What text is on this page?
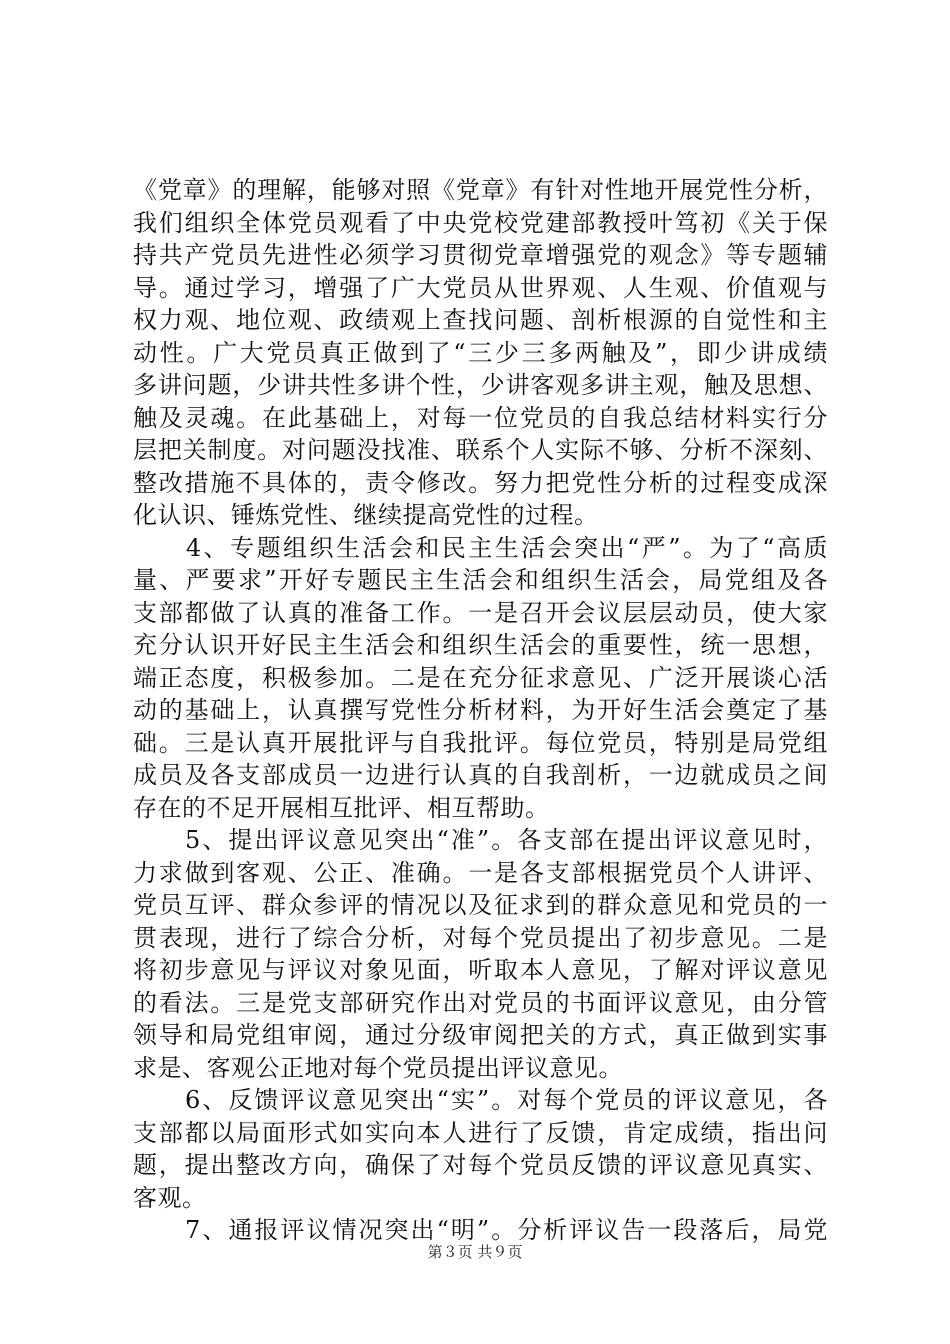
《党章》的理解，能够对照《党章》有针对性地开展党性分析，
我们组织全体党员观看了中央党校党建部教授叶笃初《关于保
持共产党员先进性必须学习贯彻党章增强党的观念》等专题辅
导。通过学习，增强了广大党员从世界观、人生观、价值观与
权力观、地位观、政绩观上查找问题、剖析根源的自觉性和主
动性。广大党员真正做到了“三少三多两触及”，即少讲成绩
多讲问题，少讲共性多讲个性，少讲客观多讲主观，触及思想、
触及灵魂。在此基础上，对每一位党员的自我总结材料实行分
层把关制度。对问题没找准、联系个人实际不够、分析不深刻、
整改措施不具体的，责令修改。努力把党性分析的过程变成深
化认识、锤炼党性、继续提高党性的过程。
　　4、专题组织生活会和民主生活会突出“严”。为了“高质
量、严要求”开好专题民主生活会和组织生活会，局党组及各
支部都做了认真的准备工作。一是召开会议层层动员，使大家
充分认识开好民主生活会和组织生活会的重要性，统一思想，
端正态度，积极参加。二是在充分征求意见、广泛开展谈心活
动的基础上，认真撰写党性分析材料，为开好生活会奠定了基
础。三是认真开展批评与自我批评。每位党员，特别是局党组
成员及各支部成员一边进行认真的自我剖析，一边就成员之间
存在的不足开展相互批评、相互帮助。
　　5、提出评议意见突出“准”。各支部在提出评议意见时，
力求做到客观、公正、准确。一是各支部根据党员个人讲评、
党员互评、群众参评的情况以及征求到的群众意见和党员的一
贯表现，进行了综合分析，对每个党员提出了初步意见。二是
将初步意见与评议对象见面，听取本人意见，了解对评议意见
的看法。三是党支部研究作出对党员的书面评议意见，由分管
领导和局党组审阅，通过分级审阅把关的方式，真正做到实事
求是、客观公正地对每个党员提出评议意见。
　　6、反馈评议意见突出“实”。对每个党员的评议意见，各
支部都以局面形式如实向本人进行了反馈，肯定成绩，指出问
题，提出整改方向，确保了对每个党员反馈的评议意见真实、
客观。
　　7、通报评议情况突出“明”。分析评议告一段落后，局党
第３页 共９页
